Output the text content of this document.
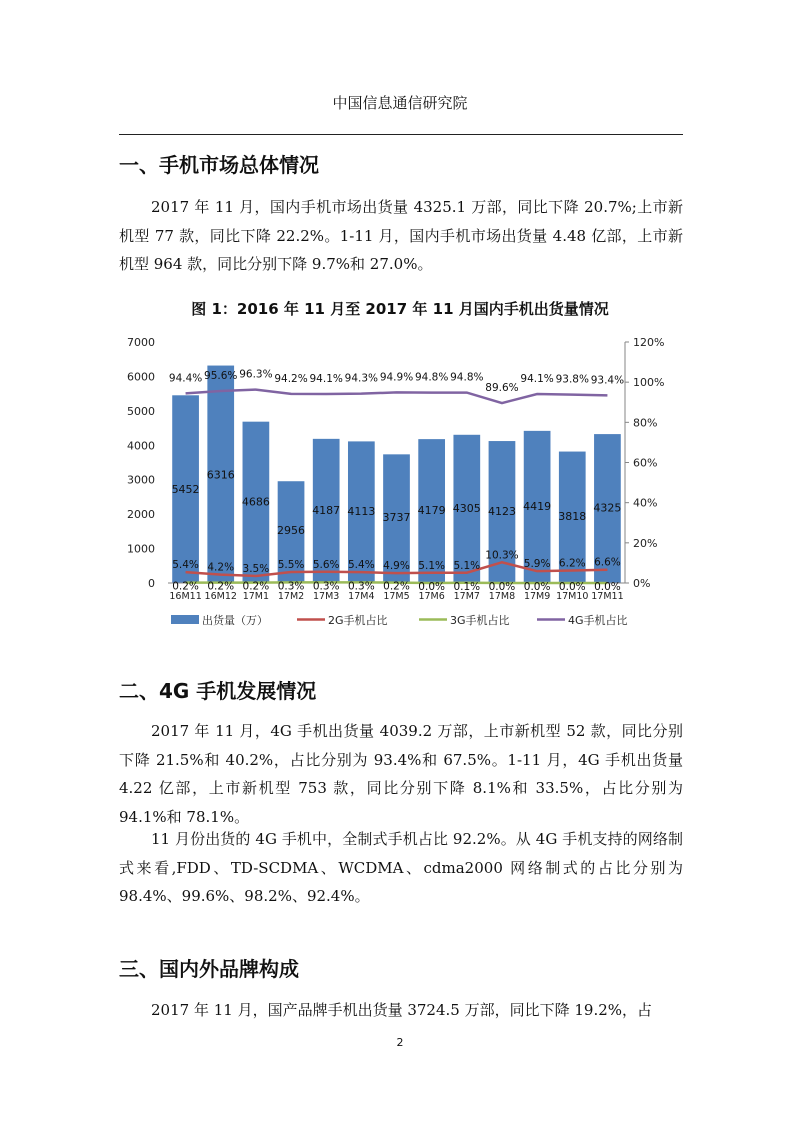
中国信息通信研究院
一、手机市场总体情况

2017 年 11 月，国内手机市场出货量 4325.1 万部，同比下降 20.7%;上市新机型 77 款，同比下降 22.2%。1-11 月，国内手机市场出货量 4.48 亿部，上市新机型 964 款，同比分别下降 9.7%和 27.0%。

图 1：2016 年 11 月至 2017 年 11 月国内手机出货量情况
0
1000
2000
3000
4000
5000
6000
7000
0%
20%
40%
60%
80%
100%
120%
16M11 16M12 17M1 17M2 17M3 17M4 17M5 17M6 17M7 17M8 17M9 17M10 17M11
5452
6316
4686
2956
4187 4113 3737
4179 4305 4123 4419
3818
4325
5.4% 4.2% 3.5% 5.5% 5.6% 5.4% 4.9% 5.1% 5.1%
10.3%
5.9% 6.2% 6.6%
0.2% 0.2% 0.2% 0.3% 0.3% 0.3% 0.2% 0.0% 0.1% 0.0% 0.0% 0.0% 0.0%
94.4% 95.6% 96.3% 94.2% 94.1% 94.3% 94.9% 94.8% 94.8%
89.6%
94.1% 93.8% 93.4%
出货量（万）	2G手机占比	3G手机占比	4G手机占比
二、4G 手机发展情况

2017 年 11 月，4G 手机出货量 4039.2 万部，上市新机型 52 款，同比分别下降 21.5%和 40.2%，占比分别为 93.4%和 67.5%。1-11 月，4G 手机出货量 4.22 亿部，上市新机型 753 款，同比分别下降 8.1%和 33.5%，占比分别为 94.1%和 78.1%。

11 月份出货的 4G 手机中，全制式手机占比 92.2%。从 4G 手机支持的网络制式来看,FDD、TD-SCDMA、WCDMA、cdma2000 网络制式的占比分别为 98.4%、99.6%、98.2%、92.4%。

三、国内外品牌构成

2017 年 11 月，国产品牌手机出货量 3724.5 万部，同比下降 19.2%，占

2
